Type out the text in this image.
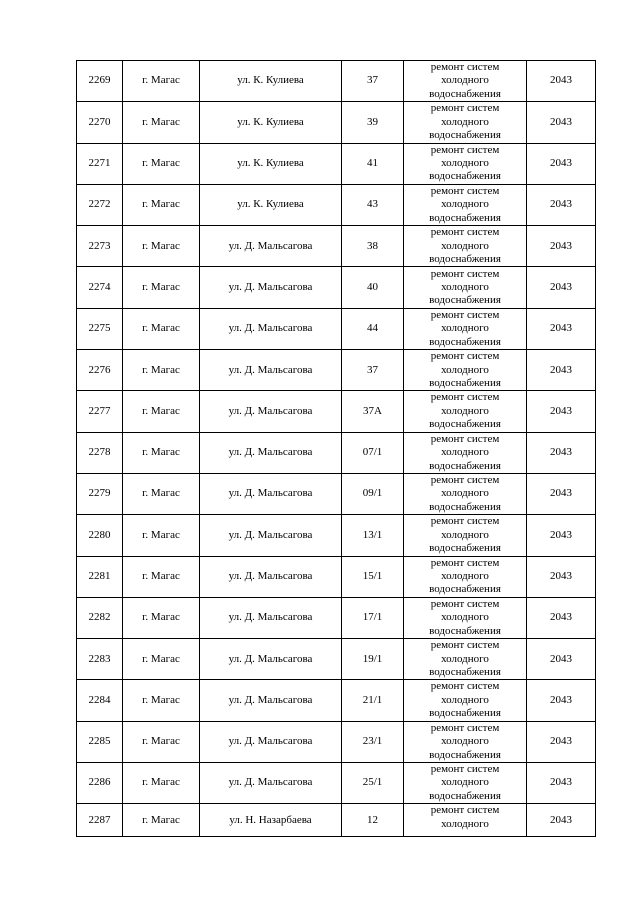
2269	г. Магас	ул. К. Кулиева	37	ремонт систем
холодного
водоснабжения	2043
2270	г. Магас	ул. К. Кулиева	39	ремонт систем
холодного
водоснабжения	2043
2271	г. Магас	ул. К. Кулиева	41	ремонт систем
холодного
водоснабжения	2043
2272	г. Магас	ул. К. Кулиева	43	ремонт систем
холодного
водоснабжения	2043
2273	г. Магас	ул. Д. Мальсагова	38	ремонт систем
холодного
водоснабжения	2043
2274	г. Магас	ул. Д. Мальсагова	40	ремонт систем
холодного
водоснабжения	2043
2275	г. Магас	ул. Д. Мальсагова	44	ремонт систем
холодного
водоснабжения	2043
2276	г. Магас	ул. Д. Мальсагова	37	ремонт систем
холодного
водоснабжения	2043
2277	г. Магас	ул. Д. Мальсагова	37А	ремонт систем
холодного
водоснабжения	2043
2278	г. Магас	ул. Д. Мальсагова	07/1	ремонт систем
холодного
водоснабжения	2043
2279	г. Магас	ул. Д. Мальсагова	09/1	ремонт систем
холодного
водоснабжения	2043
2280	г. Магас	ул. Д. Мальсагова	13/1	ремонт систем
холодного
водоснабжения	2043
2281	г. Магас	ул. Д. Мальсагова	15/1	ремонт систем
холодного
водоснабжения	2043
2282	г. Магас	ул. Д. Мальсагова	17/1	ремонт систем
холодного
водоснабжения	2043
2283	г. Магас	ул. Д. Мальсагова	19/1	ремонт систем
холодного
водоснабжения	2043
2284	г. Магас	ул. Д. Мальсагова	21/1	ремонт систем
холодного
водоснабжения	2043
2285	г. Магас	ул. Д. Мальсагова	23/1	ремонт систем
холодного
водоснабжения	2043
2286	г. Магас	ул. Д. Мальсагова	25/1	ремонт систем
холодного
водоснабжения	2043
2287	г. Магас	ул. Н. Назарбаева	12	ремонт систем
холодного	2043
